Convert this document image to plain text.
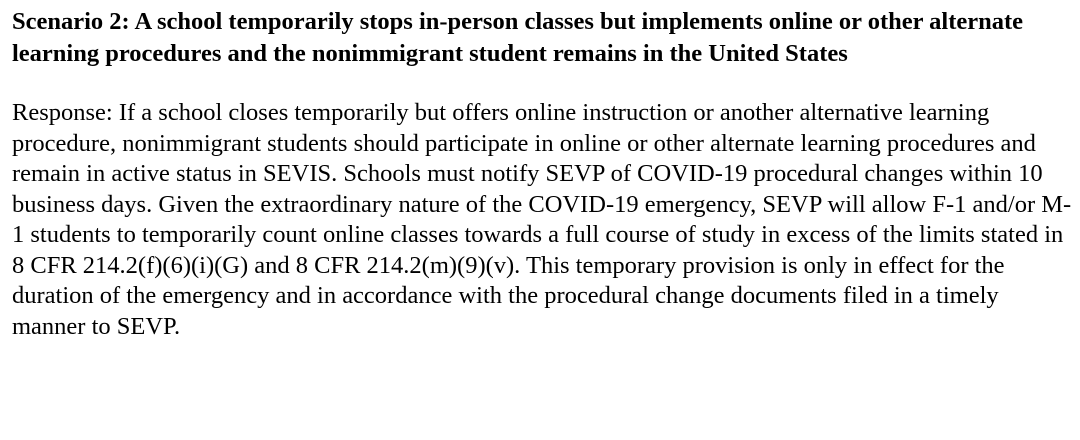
Scenario 2: A school temporarily stops in-person classes but implements online or other alternate learning procedures and the nonimmigrant student remains in the United States

Response: If a school closes temporarily but offers online instruction or another alternative learning procedure, nonimmigrant students should participate in online or other alternate learning procedures and remain in active status in SEVIS. Schools must notify SEVP of COVID-19 procedural changes within 10 business days. Given the extraordinary nature of the COVID-19 emergency, SEVP will allow F-1 and/or M-1 students to temporarily count online classes towards a full course of study in excess of the limits stated in 8 CFR 214.2(f)(6)(i)(G) and 8 CFR 214.2(m)(9)(v). This temporary provision is only in effect for the duration of the emergency and in accordance with the procedural change documents filed in a timely manner to SEVP.
